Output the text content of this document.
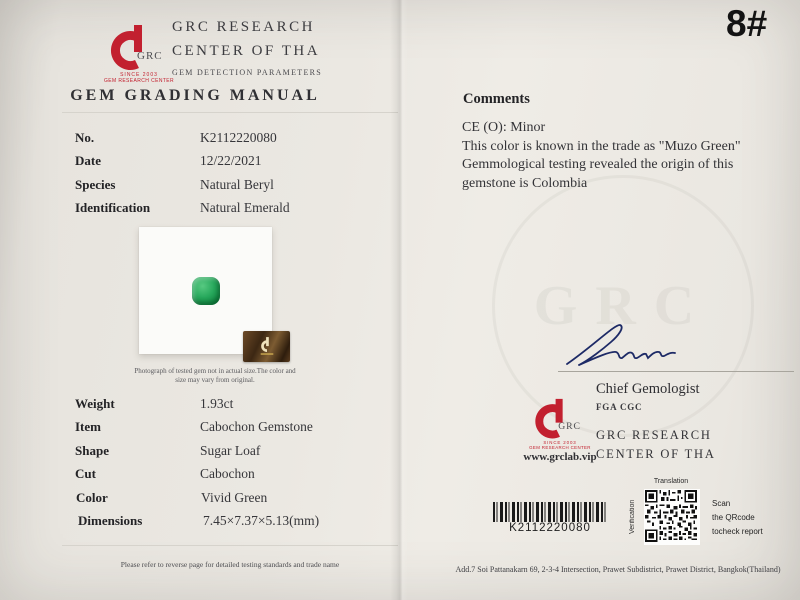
GRC
SINCE 2003
GEM RESEARCH CENTER
GRC RESEARCH
CENTER OF THA
GEM DETECTION PARAMETERS
GEM GRADING MANUAL
No.	K2112220080
Date	12/22/2021
Species	Natural Beryl
Identification	Natural Emerald
Photograph of tested gem not in actual size.The color and
size may vary from original.
Weight	1.93ct
Item	Cabochon Gemstone
Shape	Sugar Loaf
Cut	Cabochon
Color	Vivid Green
Dimensions	7.45×7.37×5.13(mm)
Please refer to reverse page for detailed testing standards and trade name
8#
Comments
CE (O): Minor
This color is known in the trade as "Muzo Green"
Gemmological testing revealed the origin of this
gemstone is Colombia
GRC
Chief Gemologist
FGA CGC
GRC
SINCE 2003
GEM RESEARCH CENTER
www.grclab.vip
GRC RESEARCH
CENTER OF THA
K2112220080
Translation
Verification	Scan
the QRcode
tocheck report
Add.7 Soi Pattanakarn 69, 2-3-4 Intersection, Prawet Subdistrict, Prawet District, Bangkok(Thailand)
